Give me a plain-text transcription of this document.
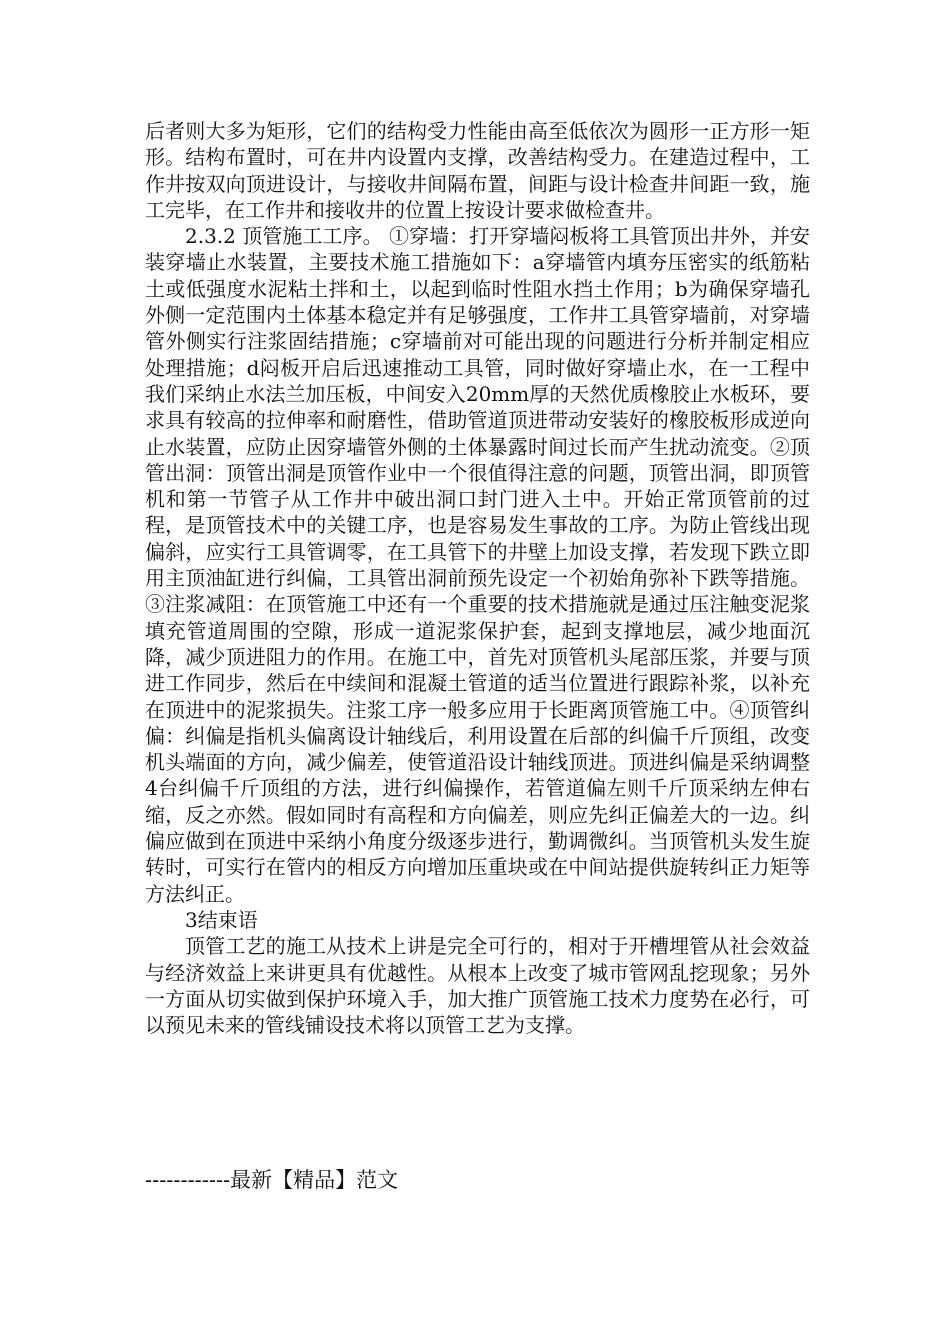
后者则大多为矩形，它们的结构受力性能由高至低依次为圆形一正方形一矩形。结构布置时，可在井内设置内支撑，改善结构受力。在建造过程中，工作井按双向顶进设计，与接收井间隔布置，间距与设计检查井间距一致，施工完毕，在工作井和接收井的位置上按设计要求做检查井。

2.3.2 顶管施工工序。 ①穿墙：打开穿墙闷板将工具管顶出井外，并安装穿墙止水装置，主要技术施工措施如下：a穿墙管内填夯压密实的纸筋粘土或低强度水泥粘土拌和土，以起到临时性阻水挡土作用；b为确保穿墙孔外侧一定范围内土体基本稳定并有足够强度，工作井工具管穿墙前，对穿墙管外侧实行注浆固结措施；c穿墙前对可能出现的问题进行分析并制定相应处理措施；d闷板开启后迅速推动工具管，同时做好穿墙止水，在一工程中我们采纳止水法兰加压板，中间安入20mm厚的天然优质橡胶止水板环，要求具有较高的拉伸率和耐磨性，借助管道顶进带动安装好的橡胶板形成逆向止水装置，应防止因穿墙管外侧的土体暴露时间过长而产生扰动流变。②顶管出洞：顶管出洞是顶管作业中一个很值得注意的问题，顶管出洞，即顶管机和第一节管子从工作井中破出洞口封门进入土中。开始正常顶管前的过程，是顶管技术中的关键工序，也是容易发生事故的工序。为防止管线出现偏斜，应实行工具管调零，在工具管下的井壁上加设支撑，若发现下跌立即用主顶油缸进行纠偏，工具管出洞前预先设定一个初始角弥补下跌等措施。③注浆减阻：在顶管施工中还有一个重要的技术措施就是通过压注触变泥浆填充管道周围的空隙，形成一道泥浆保护套，起到支撑地层，减少地面沉降，减少顶进阻力的作用。在施工中，首先对顶管机头尾部压浆，并要与顶进工作同步，然后在中续间和混凝土管道的适当位置进行跟踪补浆，以补充在顶进中的泥浆损失。注浆工序一般多应用于长距离顶管施工中。④顶管纠偏：纠偏是指机头偏离设计轴线后，利用设置在后部的纠偏千斤顶组，改变机头端面的方向，减少偏差，使管道沿设计轴线顶进。顶进纠偏是采纳调整4台纠偏千斤顶组的方法，进行纠偏操作，若管道偏左则千斤顶采纳左伸右缩，反之亦然。假如同时有高程和方向偏差，则应先纠正偏差大的一边。纠偏应做到在顶进中采纳小角度分级逐步进行，勤调微纠。当顶管机头发生旋转时，可实行在管内的相反方向增加压重块或在中间站提供旋转纠正力矩等方法纠正。

3结束语

顶管工艺的施工从技术上讲是完全可行的，相对于开槽埋管从社会效益与经济效益上来讲更具有优越性。从根本上改变了城市管网乱挖现象；另外一方面从切实做到保护环境入手，加大推广顶管施工技术力度势在必行，可以预见未来的管线铺设技术将以顶管工艺为支撑。

------------最新【精品】范文
